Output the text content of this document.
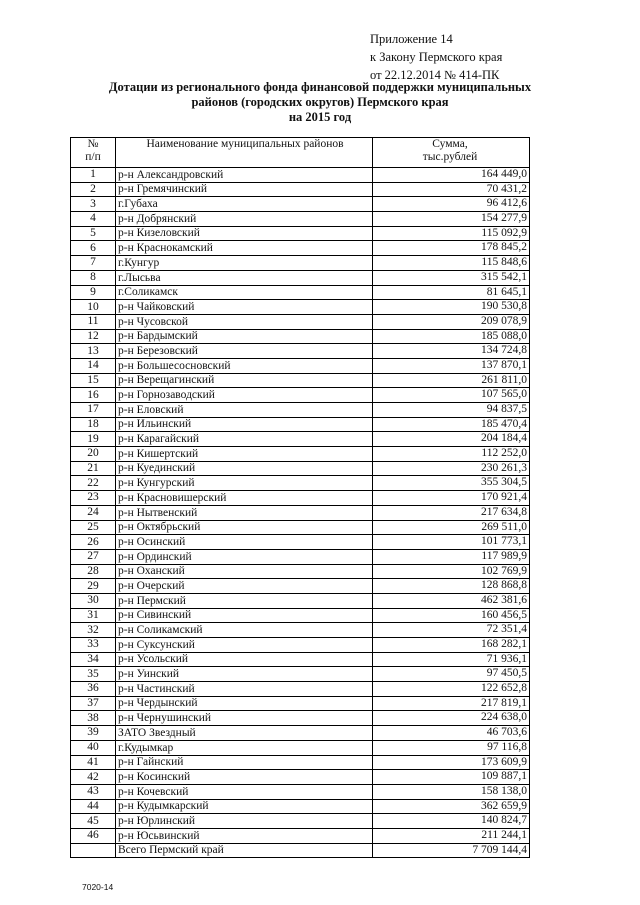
Приложение 14
к Закону Пермского края
от 22.12.2014 № 414-ПК
Дотации из регионального фонда финансовой поддержки муниципальных
районов (городских округов) Пермского края
на 2015 год
№
п/п	Наименование муниципальных районов	Сумма,
тыс.рублей
1	р-н Александровский	164 449,0
2	р-н Гремячинский	70 431,2
3	г.Губаха	96 412,6
4	р-н Добрянский	154 277,9
5	р-н Кизеловский	115 092,9
6	р-н Краснокамский	178 845,2
7	г.Кунгур	115 848,6
8	г.Лысьва	315 542,1
9	г.Соликамск	81 645,1
10	р-н Чайковский	190 530,8
11	р-н Чусовской	209 078,9
12	р-н Бардымский	185 088,0
13	р-н Березовский	134 724,8
14	р-н Большесосновский	137 870,1
15	р-н Верещагинский	261 811,0
16	р-н Горнозаводский	107 565,0
17	р-н Еловский	94 837,5
18	р-н Ильинский	185 470,4
19	р-н Карагайский	204 184,4
20	р-н Кишертский	112 252,0
21	р-н Куединский	230 261,3
22	р-н Кунгурский	355 304,5
23	р-н Красновишерский	170 921,4
24	р-н Нытвенский	217 634,8
25	р-н Октябрьский	269 511,0
26	р-н Осинский	101 773,1
27	р-н Ординский	117 989,9
28	р-н Оханский	102 769,9
29	р-н Очерский	128 868,8
30	р-н Пермский	462 381,6
31	р-н Сивинский	160 456,5
32	р-н Соликамский	72 351,4
33	р-н Суксунский	168 282,1
34	р-н Усольский	71 936,1
35	р-н Уинский	97 450,5
36	р-н Частинский	122 652,8
37	р-н Чердынский	217 819,1
38	р-н Чернушинский	224 638,0
39	ЗАТО Звездный	46 703,6
40	г.Кудымкар	97 116,8
41	р-н Гайнский	173 609,9
42	р-н Косинский	109 887,1
43	р-н Кочевский	158 138,0
44	р-н Кудымкарский	362 659,9
45	р-н Юрлинский	140 824,7
46	р-н Юсьвинский	211 244,1
	Всего Пермский край	7 709 144,4
7020-14
